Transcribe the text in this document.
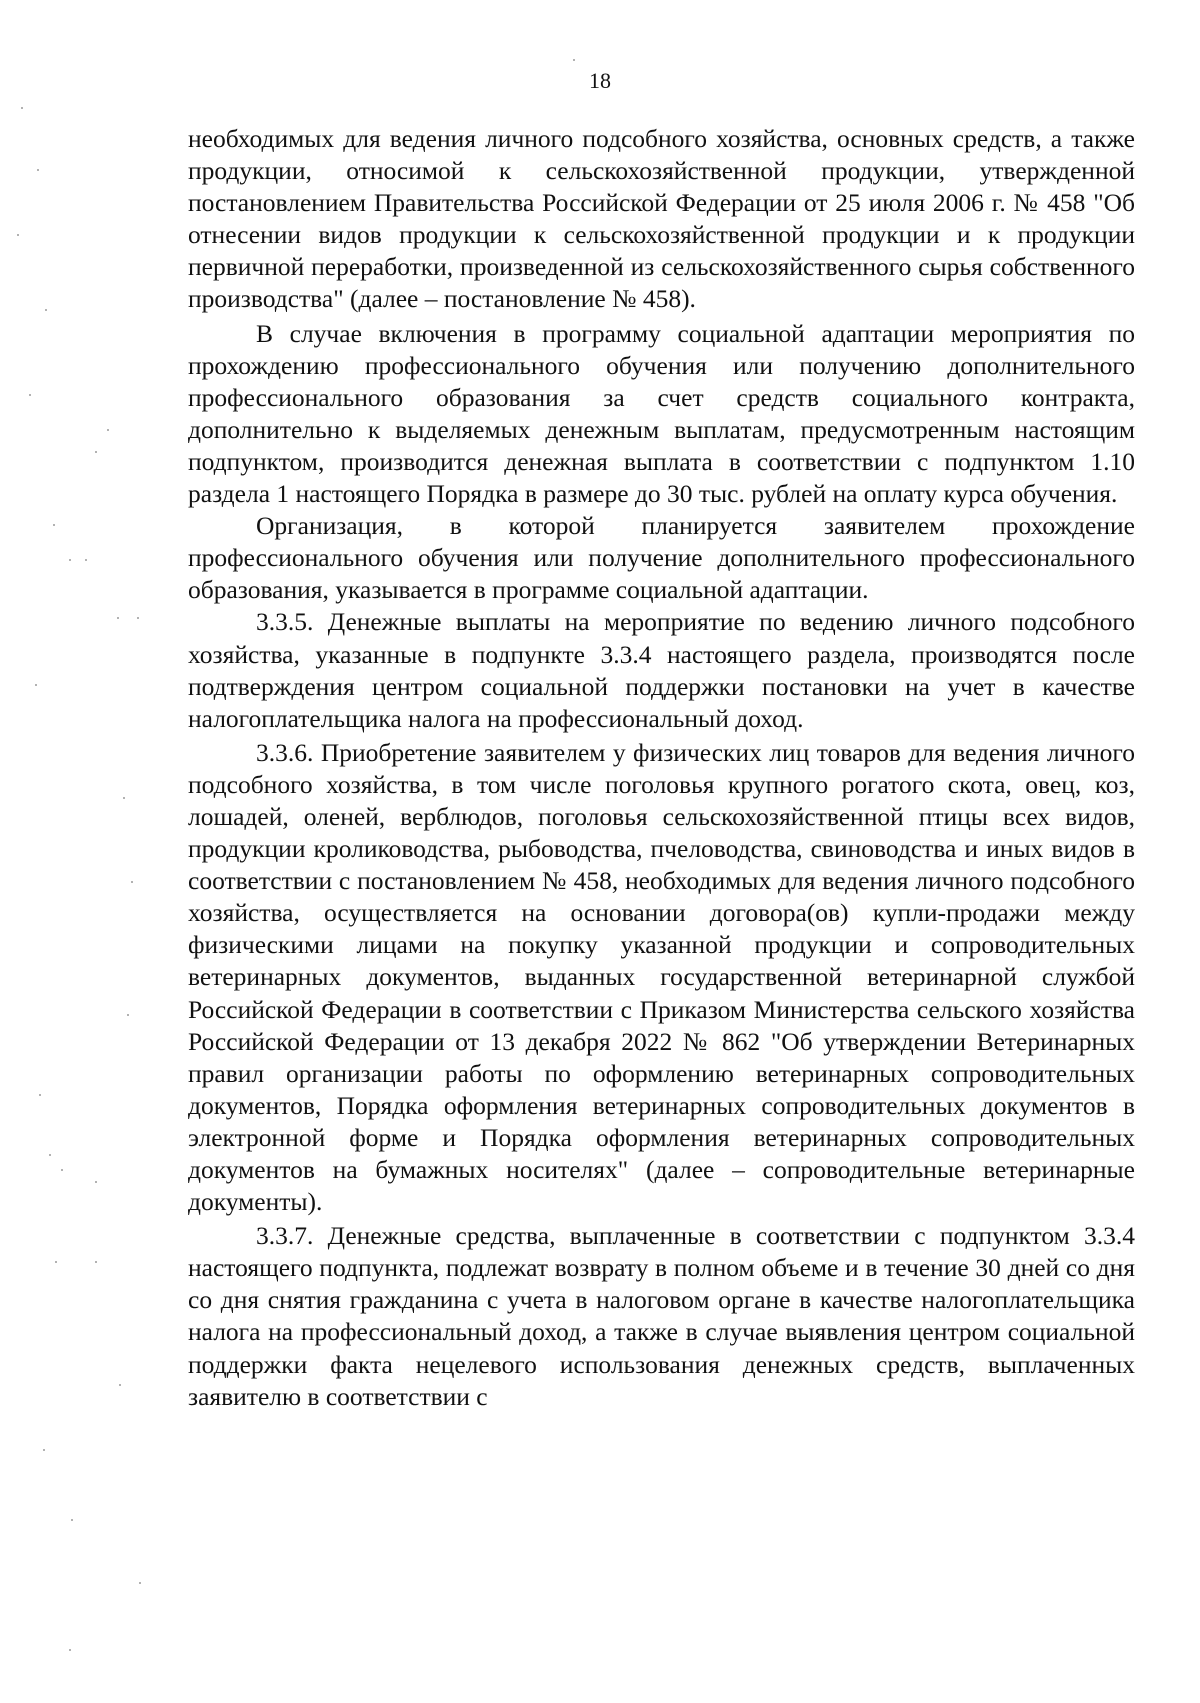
18

необходимых для ведения личного подсобного хозяйства, основных средств, а также продукции, относимой к сельскохозяйственной продукции, утвержденной постановлением Правительства Российской Федерации от 25 июля 2006 г. № 458 "Об отнесении видов продукции к сельскохозяйственной продукции и к продукции первичной переработки, произведенной из сельскохозяйственного сырья собственного производства" (далее – постановление № 458).

В случае включения в программу социальной адаптации мероприятия по прохождению профессионального обучения или получению дополнительного профессионального образования за счет средств социального контракта, дополнительно к выделяемых денежным выплатам, предусмотренным настоящим подпунктом, производится денежная выплата в соответствии с подпунктом 1.10 раздела 1 настоящего Порядка в размере до 30 тыс. рублей на оплату курса обучения.

Организация, в которой планируется заявителем прохождение профессионального обучения или получение дополнительного профессионального образования, указывается в программе социальной адаптации.

3.3.5. Денежные выплаты на мероприятие по ведению личного подсобного хозяйства, указанные в подпункте 3.3.4 настоящего раздела, производятся после подтверждения центром социальной поддержки постановки на учет в качестве налогоплательщика налога на профессиональный доход.

3.3.6. Приобретение заявителем у физических лиц товаров для ведения личного подсобного хозяйства, в том числе поголовья крупного рогатого скота, овец, коз, лошадей, оленей, верблюдов, поголовья сельскохозяйственной птицы всех видов, продукции кролиководства, рыбоводства, пчеловодства, свиноводства и иных видов в соответствии с постановлением № 458, необходимых для ведения личного подсобного хозяйства, осуществляется на основании договора(ов) купли-продажи между физическими лицами на покупку указанной продукции и сопроводительных ветеринарных документов, выданных государственной ветеринарной службой Российской Федерации в соответствии с Приказом Министерства сельского хозяйства Российской Федерации от 13 декабря 2022 № 862 "Об утверждении Ветеринарных правил организации работы по оформлению ветеринарных сопроводительных документов, Порядка оформления ветеринарных сопроводительных документов в электронной форме и Порядка оформления ветеринарных сопроводительных документов на бумажных носителях" (далее – сопроводительные ветеринарные документы).

3.3.7. Денежные средства, выплаченные в соответствии с подпунктом 3.3.4 настоящего подпункта, подлежат возврату в полном объеме и в течение 30 дней со дня со дня снятия гражданина с учета в налоговом органе в качестве налогоплательщика налога на профессиональный доход, а также в случае выявления центром социальной поддержки факта нецелевого использования денежных средств, выплаченных заявителю в соответствии с
